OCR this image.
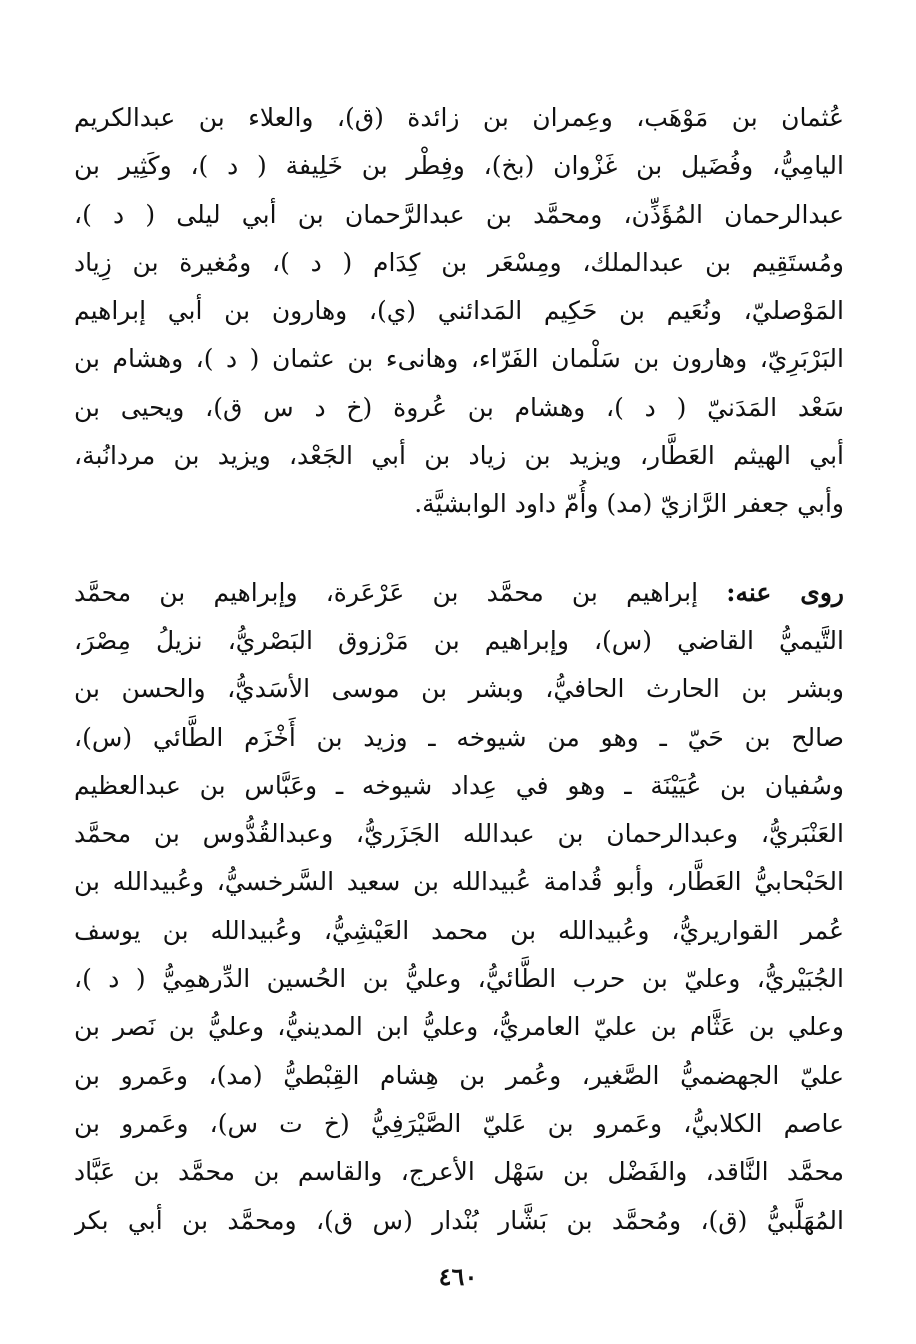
عُثمان بن مَوْهَب، وعِمران بن زائدة (ق)، والعلاء بن عبدالكريم
اليامِيُّ، وفُضَيل بن غَزْوان (بخ)، وفِطْر بن خَلِيفة ( د )، وكَثِير بن
عبدالرحمان المُؤَذِّن، ومحمَّد بن عبدالرَّحمان بن أبي ليلى ( د )،
ومُستَقِيم بن عبدالملك، ومِسْعَر بن كِدَام ( د )، ومُغيرة بن زِياد
المَوْصليّ، ونُعَيم بن حَكِيم المَدائني (ي)، وهارون بن أبي إبراهيم
البَرْبَرِيّ، وهارون بن سَلْمان الفَرّاء، وهانىء بن عثمان ( د )، وهشام بن
سَعْد المَدَنيّ ( د )، وهشام بن عُروة (خ د س ق)، ويحيى بن
أبي الهيثم العَطَّار، ويزيد بن زياد بن أبي الجَعْد، ويزيد بن مردانُبة،
وأبي جعفر الرَّازيّ (مد) وأُمّ داود الوابشيَّة.
روى عنه: إبراهيم بن محمَّد بن عَرْعَرة، وإبراهيم بن محمَّد
التَّيميُّ القاضي (س)، وإبراهيم بن مَرْزوق البَصْريُّ، نزيلُ مِصْرَ،
وبشر بن الحارث الحافيُّ، وبشر بن موسى الأسَديُّ، والحسن بن
صالح بن حَيّ ـ وهو من شيوخه ـ وزيد بن أَخْزَم الطَّائي (س)،
وسُفيان بن عُيَيْنَة ـ وهو في عِداد شيوخه ـ وعَبَّاس بن عبدالعظيم
العَنْبَريُّ، وعبدالرحمان بن عبدالله الجَزَريُّ، وعبدالقُدُّوس بن محمَّد
الحَبْحابيُّ العَطَّار، وأبو قُدامة عُبيدالله بن سعيد السَّرخسيُّ، وعُبيدالله بن
عُمر القواريريُّ، وعُبيدالله بن محمد العَيْشِيُّ، وعُبيدالله بن يوسف
الجُبَيْريُّ، وعليّ بن حرب الطَّائيُّ، وعليُّ بن الحُسين الدِّرهمِيُّ ( د )،
وعلي بن عَثَّام بن عليّ العامريُّ، وعليُّ ابن المدينيُّ، وعليُّ بن نَصر بن
عليّ الجهضميُّ الصَّغير، وعُمر بن هِشام القِبْطيُّ (مد)، وعَمرو بن
عاصم الكلابيُّ، وعَمرو بن عَليّ الصَّيْرَفِيُّ (خ ت س)، وعَمرو بن
محمَّد النَّاقد، والفَضْل بن سَهْل الأعرج، والقاسم بن محمَّد بن عَبَّاد
المُهَلَّبيُّ (ق)، ومُحمَّد بن بَشَّار بُنْدار (س ق)، ومحمَّد بن أبي بكر
٤٦٠
